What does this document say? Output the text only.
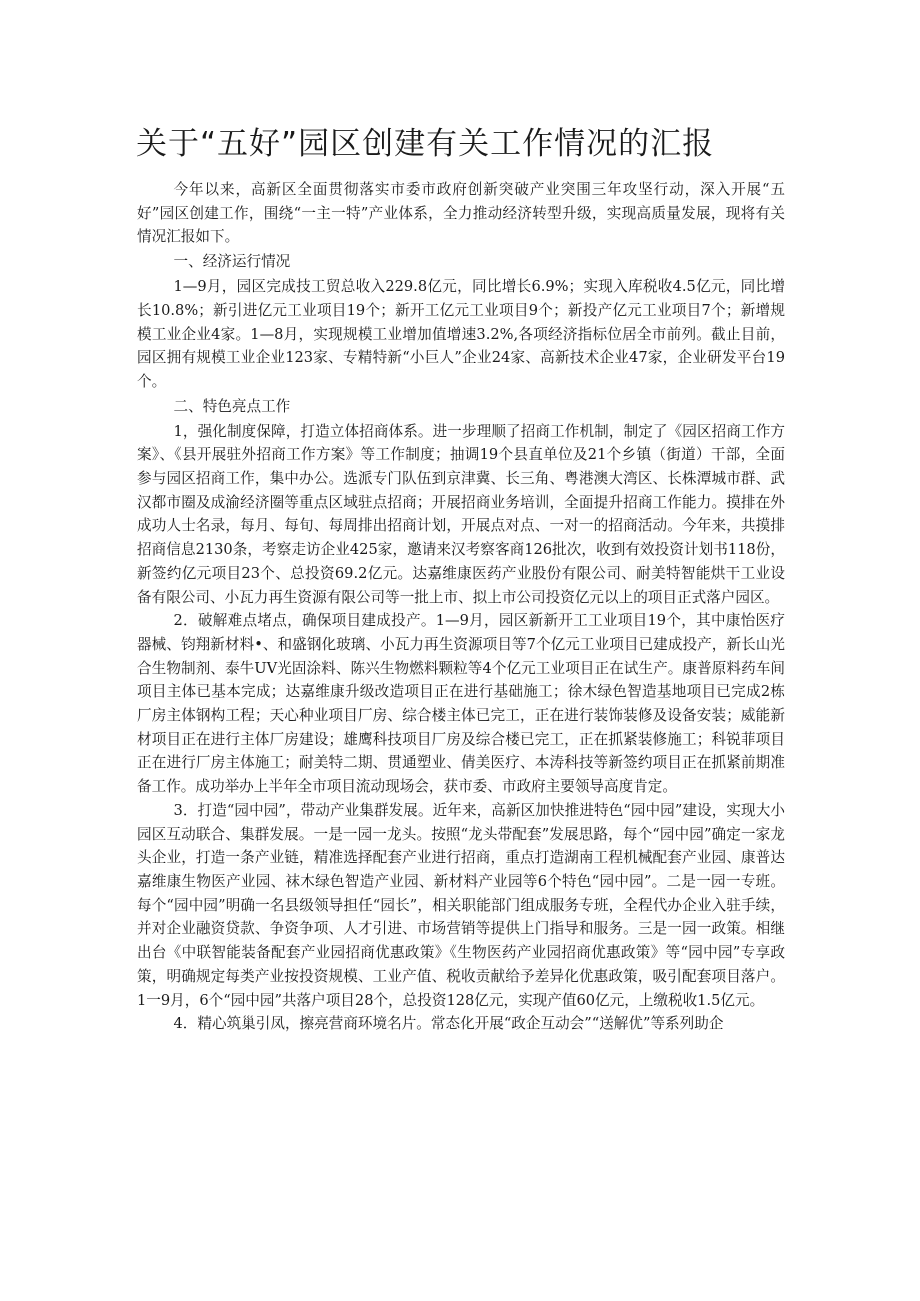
关于“五好”园区创建有关工作情况的汇报

今年以来，高新区全面贯彻落实市委市政府创新突破产业突围三年攻坚行动，深入开展“五好”园区创建工作，围绕“一主一特”产业体系，全力推动经济转型升级，实现高质量发展，现将有关情况汇报如下。

一、经济运行情况

1—9月，园区完成技工贸总收入229.8亿元，同比增长6.9%；实现入库税收4.5亿元，同比增长10.8%；新引进亿元工业项目19个；新开工亿元工业项目9个；新投产亿元工业项目7个；新增规模工业企业4家。1—8月，实现规模工业增加值增速3.2%,各项经济指标位居全市前列。截止目前，园区拥有规模工业企业123家、专精特新“小巨人”企业24家、高新技术企业47家，企业研发平台19个。

二、特色亮点工作

1，强化制度保障，打造立体招商体系。进一步理顺了招商工作机制，制定了《园区招商工作方案》、《县开展驻外招商工作方案》等工作制度；抽调19个县直单位及21个乡镇（街道）干部，全面参与园区招商工作，集中办公。选派专门队伍到京津冀、长三角、粤港澳大湾区、长株潭城市群、武汉都市圈及成渝经济圈等重点区域驻点招商；开展招商业务培训，全面提升招商工作能力。摸排在外成功人士名录，每月、每旬、每周排出招商计划，开展点对点、一对一的招商活动。今年来，共摸排招商信息2130条，考察走访企业425家，邀请来汉考察客商126批次，收到有效投资计划书118份，新签约亿元项目23个、总投资69.2亿元。达嘉维康医药产业股份有限公司、耐美特智能烘干工业设备有限公司、小瓦力再生资源有限公司等一批上市、拟上市公司投资亿元以上的项目正式落户园区。

2．破解难点堵点，确保项目建成投产。1—9月，园区新新开工工业项目19个，其中康怡医疗器械、钧翔新材料•、和盛钢化玻璃、小瓦力再生资源项目等7个亿元工业项目已建成投产，新长山光合生物制剂、泰牛UV光固涂料、陈兴生物燃料颗粒等4个亿元工业项目正在试生产。康普原料药车间项目主体已基本完成；达嘉维康升级改造项目正在进行基础施工；徐木绿色智造基地项目已完成2栋厂房主体钢构工程；天心种业项目厂房、综合楼主体已完工，正在进行装饰装修及设备安装；威能新材项目正在进行主体厂房建设；雄鹰科技项目厂房及综合楼已完工，正在抓紧装修施工；科锐菲项目正在进行厂房主体施工；耐美特二期、贯通塑业、倩美医疗、本涛科技等新签约项目正在抓紧前期准备工作。成功举办上半年全市项目流动现场会，获市委、市政府主要领导高度肯定。

3．打造“园中园”，带动产业集群发展。近年来，高新区加快推进特色“园中园”建设，实现大小园区互动联合、集群发展。一是一园一龙头。按照“龙头带配套”发展思路，每个“园中园”确定一家龙头企业，打造一条产业链，精准选择配套产业进行招商，重点打造湖南工程机械配套产业园、康普达嘉维康生物医产业园、袜木绿色智造产业园、新材料产业园等6个特色“园中园”。二是一园一专班。每个“园中园”明确一名县级领导担任“园长”，相关职能部门组成服务专班，全程代办企业入驻手续，并对企业融资贷款、争资争项、人才引进、市场营销等提供上门指导和服务。三是一园一政策。相继出台《中联智能装备配套产业园招商优惠政策》《生物医药产业园招商优惠政策》等“园中园”专享政策，明确规定每类产业按投资规模、工业产值、税收贡献给予差异化优惠政策，吸引配套项目落户。1一9月，6个“园中园”共落户项目28个，总投资128亿元，实现产值60亿元，上缴税收1.5亿元。

4．精心筑巢引凤，擦亮营商环境名片。常态化开展“政企互动会”“送解优”等系列助企
